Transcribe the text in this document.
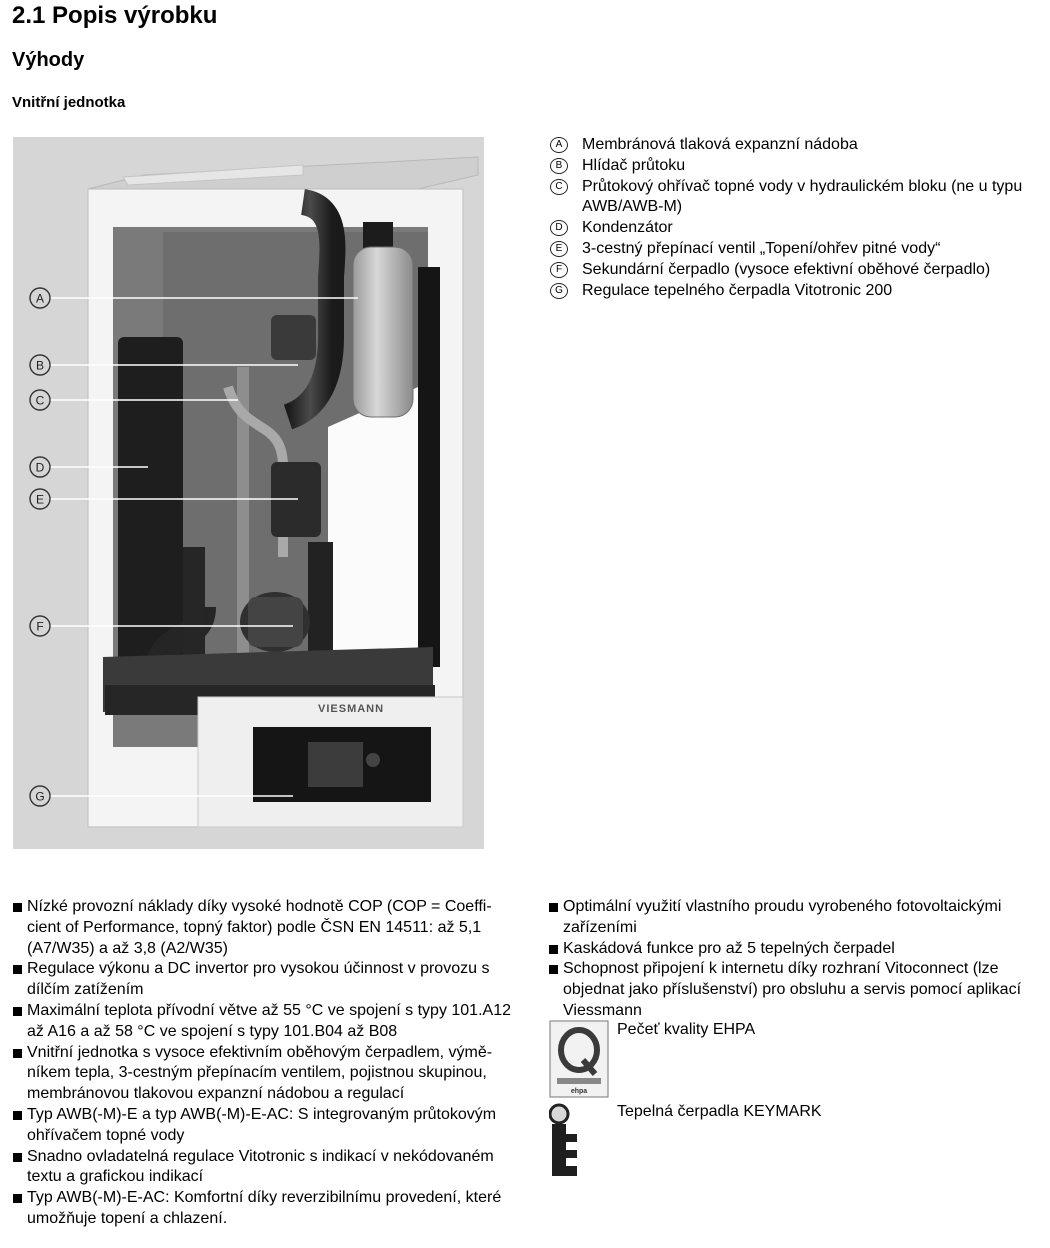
2.1 Popis výrobku
Výhody
Vnitřní jednotka
VIESMANN
A
B
C
D
E
F
G
A	Membránová tlaková expanzní nádoba
B	Hlídač průtoku
C	Průtokový ohřívač topné vody v hydraulickém bloku (ne u typu AWB/AWB-M)
D	Kondenzátor
E	3-cestný přepínací ventil „Topení/ohřev pitné vody“
F	Sekundární čerpadlo (vysoce efektivní oběhové čerpadlo)
G	Regulace tepelného čerpadla Vitotronic 200
Nízké provozní náklady díky vysoké hodnotě COP (COP = Coeffi-cient of Performance, topný faktor) podle ČSN EN 14511: až 5,1 (A7/W35) a až 3,8 (A2/W35)
Regulace výkonu a DC invertor pro vysokou účinnost v provozu s dílčím zatížením
Maximální teplota přívodní větve až 55 °C ve spojení s typy 101.A12 až A16 a až 58 °C ve spojení s typy 101.B04 až B08
Vnitřní jednotka s vysoce efektivním oběhovým čerpadlem, výmě-níkem tepla, 3-cestným přepínacím ventilem, pojistnou skupinou, membránovou tlakovou expanzní nádobou a regulací
Typ AWB(-M)-E a typ AWB(-M)-E-AC: S integrovaným průtokovým ohřívačem topné vody
Snadno ovladatelná regulace Vitotronic s indikací v nekódovaném textu a grafickou indikací
Typ AWB(-M)-E-AC: Komfortní díky reverzibilnímu provedení, které umožňuje topení a chlazení.
Optimální využití vlastního proudu vyrobeného fotovoltaickými zařízeními
Kaskádová funkce pro až 5 tepelných čerpadel
Schopnost připojení k internetu díky rozhraní Vitoconnect (lze objednat jako příslušenství) pro obsluhu a servis pomocí aplikací Viessmann
ehpa
Pečeť kvality EHPA
Tepelná čerpadla KEYMARK
